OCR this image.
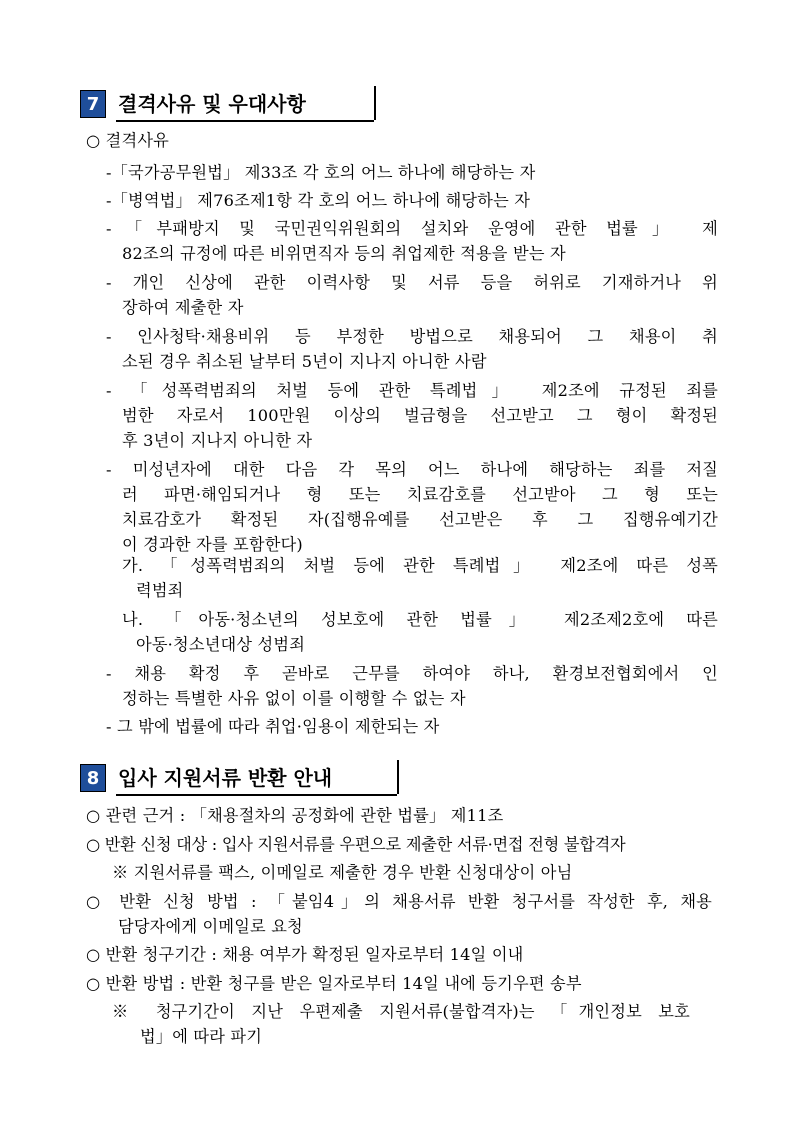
7 결격사유 및 우대사항
○ 결격사유
-「국가공무원법」 제33조 각 호의 어느 하나에 해당하는 자
-「병역법」 제76조제1항 각 호의 어느 하나에 해당하는 자
-「부패방지 및 국민권익위원회의 설치와 운영에 관한 법률」 제
82조의 규정에 따른 비위면직자 등의 취업제한 적용을 받는 자
- 개인 신상에 관한 이력사항 및 서류 등을 허위로 기재하거나 위
장하여 제출한 자
- 인사청탁·채용비위 등 부정한 방법으로 채용되어 그 채용이 취
소된 경우 취소된 날부터 5년이 지나지 아니한 사람
- 「성폭력범죄의 처벌 등에 관한 특례법」 제2조에 규정된 죄를
범한 자로서 100만원 이상의 벌금형을 선고받고 그 형이 확정된
후 3년이 지나지 아니한 자
- 미성년자에 대한 다음 각 목의 어느 하나에 해당하는 죄를 저질
러 파면·해임되거나 형 또는 치료감호를 선고받아 그 형 또는
치료감호가 확정된 자(집행유예를 선고받은 후 그 집행유예기간
이 경과한 자를 포함한다)
가. 「성폭력범죄의 처벌 등에 관한 특례법」 제2조에 따른 성폭
력범죄
나. 「아동·청소년의 성보호에 관한 법률」 제2조제2호에 따른
아동·청소년대상 성범죄
- 채용 확정 후 곧바로 근무를 하여야 하나, 환경보전협회에서 인
정하는 특별한 사유 없이 이를 이행할 수 없는 자
- 그 밖에 법률에 따라 취업·임용이 제한되는 자
8 입사 지원서류 반환 안내
○ 관련 근거 : 「채용절차의 공정화에 관한 법률」 제11조
○ 반환 신청 대상 : 입사 지원서류를 우편으로 제출한 서류·면접 전형 불합격자
※ 지원서류를 팩스, 이메일로 제출한 경우 반환 신청대상이 아님
○ 반환 신청 방법 : 「붙임4」의 채용서류 반환 청구서를 작성한 후, 채용
담당자에게 이메일로 요청
○ 반환 청구기간 : 채용 여부가 확정된 일자로부터 14일 이내
○ 반환 방법 : 반환 청구를 받은 일자로부터 14일 내에 등기우편 송부
※ 청구기간이 지난 우편제출 지원서류(불합격자)는 「개인정보 보호
법」에 따라 파기
